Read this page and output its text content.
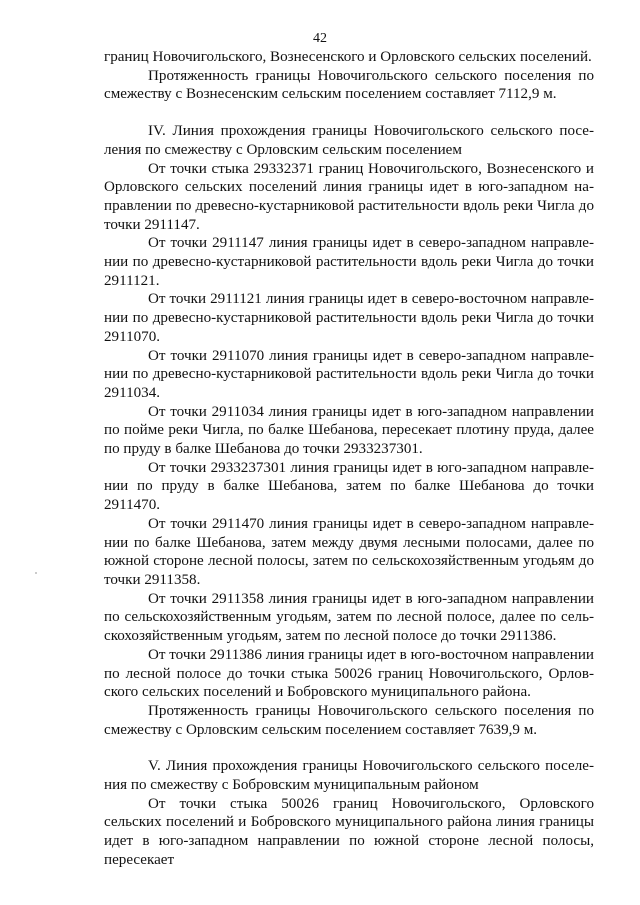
42

границ Новочигольского, Вознесенского и Орловского сельских поселений.

Протяженность границы Новочигольского сельского поселения по смежеству с Вознесенским сельским поселением составляет 7112,9 м.

IV. Линия прохождения границы Новочигольского сельского поселения по смежеству с Орловским сельским поселением

От точки стыка 29332371 границ Новочигольского, Вознесенского и Орловского сельских поселений линия границы идет в юго-западном направлении по древесно-кустарниковой растительности вдоль реки Чигла до точки 2911147.

От точки 2911147 линия границы идет в северо-западном направлении по древесно-кустарниковой растительности вдоль реки Чигла до точки 2911121.

От точки 2911121 линия границы идет в северо-восточном направлении по древесно-кустарниковой растительности вдоль реки Чигла до точки 2911070.

От точки 2911070 линия границы идет в северо-западном направлении по древесно-кустарниковой растительности вдоль реки Чигла до точки 2911034.

От точки 2911034 линия границы идет в юго-западном направлении по пойме реки Чигла, по балке Шебанова, пересекает плотину пруда, далее по пруду в балке Шебанова до точки 2933237301.

От точки 2933237301 линия границы идет в юго-западном направлении по пруду в балке Шебанова, затем по балке Шебанова до точки 2911470.

От точки 2911470 линия границы идет в северо-западном направлении по балке Шебанова, затем между двумя лесными полосами, далее по южной стороне лесной полосы, затем по сельскохозяйственным угодьям до точки 2911358.

От точки 2911358 линия границы идет в юго-западном направлении по сельскохозяйственным угодьям, затем по лесной полосе, далее по сельскохозяйственным угодьям, затем по лесной полосе до точки 2911386.

От точки 2911386 линия границы идет в юго-восточном направлении по лесной полосе до точки стыка 50026 границ Новочигольского, Орловского сельских поселений и Бобровского муниципального района.

Протяженность границы Новочигольского сельского поселения по смежеству с Орловским сельским поселением составляет 7639,9 м.

V. Линия прохождения границы Новочигольского сельского поселения по смежеству с Бобровским муниципальным районом

От точки стыка 50026 границ Новочигольского, Орловского сельских поселений и Бобровского муниципального района линия границы идет в юго-западном направлении по южной стороне лесной полосы, пересекает
